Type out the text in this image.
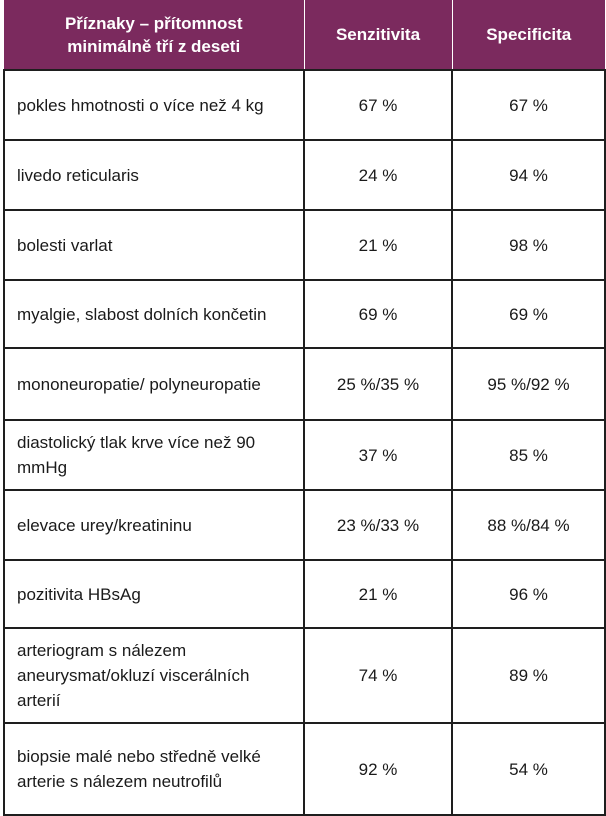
Příznaky – přítomnost minimálně tří z deseti	Senzitivita	Specificita
pokles hmotnosti o více než 4 kg	67 %	67 %
livedo reticularis	24 %	94 %
bolesti varlat	21 %	98 %
myalgie, slabost dolních končetin	69 %	69 %
mononeuropatie/ polyneuropatie	25 %/35 %	95 %/92 %
diastolický tlak krve více než 90 mmHg	37 %	85 %
elevace urey/kreatininu	23 %/33 %	88 %/84 %
pozitivita HBsAg	21 %	96 %
arteriogram s nálezem aneurysmat/okluzí viscerálních arterií	74 %	89 %
biopsie malé nebo středně velké arterie s nálezem neutrofilů	92 %	54 %
